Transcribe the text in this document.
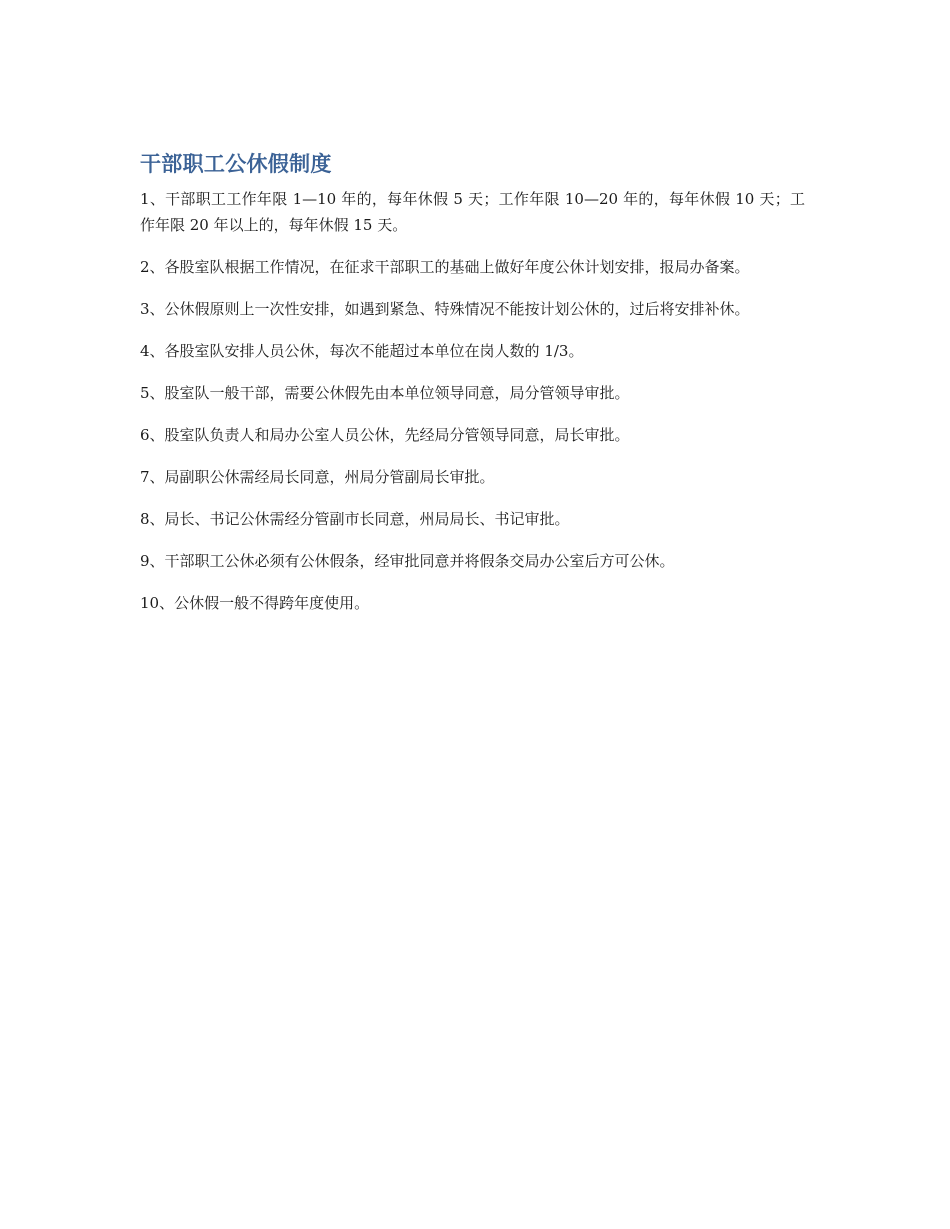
干部职工公休假制度
1、干部职工工作年限 1—10 年的，每年休假 5 天；工作年限 10—20 年的，每年休假 10 天；工作年限 20 年以上的，每年休假 15 天。
2、各股室队根据工作情况，在征求干部职工的基础上做好年度公休计划安排，报局办备案。
3、公休假原则上一次性安排，如遇到紧急、特殊情况不能按计划公休的，过后将安排补休。
4、各股室队安排人员公休，每次不能超过本单位在岗人数的 1/3。
5、股室队一般干部，需要公休假先由本单位领导同意，局分管领导审批。
6、股室队负责人和局办公室人员公休，先经局分管领导同意，局长审批。
7、局副职公休需经局长同意，州局分管副局长审批。
8、局长、书记公休需经分管副市长同意，州局局长、书记审批。
9、干部职工公休必须有公休假条，经审批同意并将假条交局办公室后方可公休。
10、公休假一般不得跨年度使用。
